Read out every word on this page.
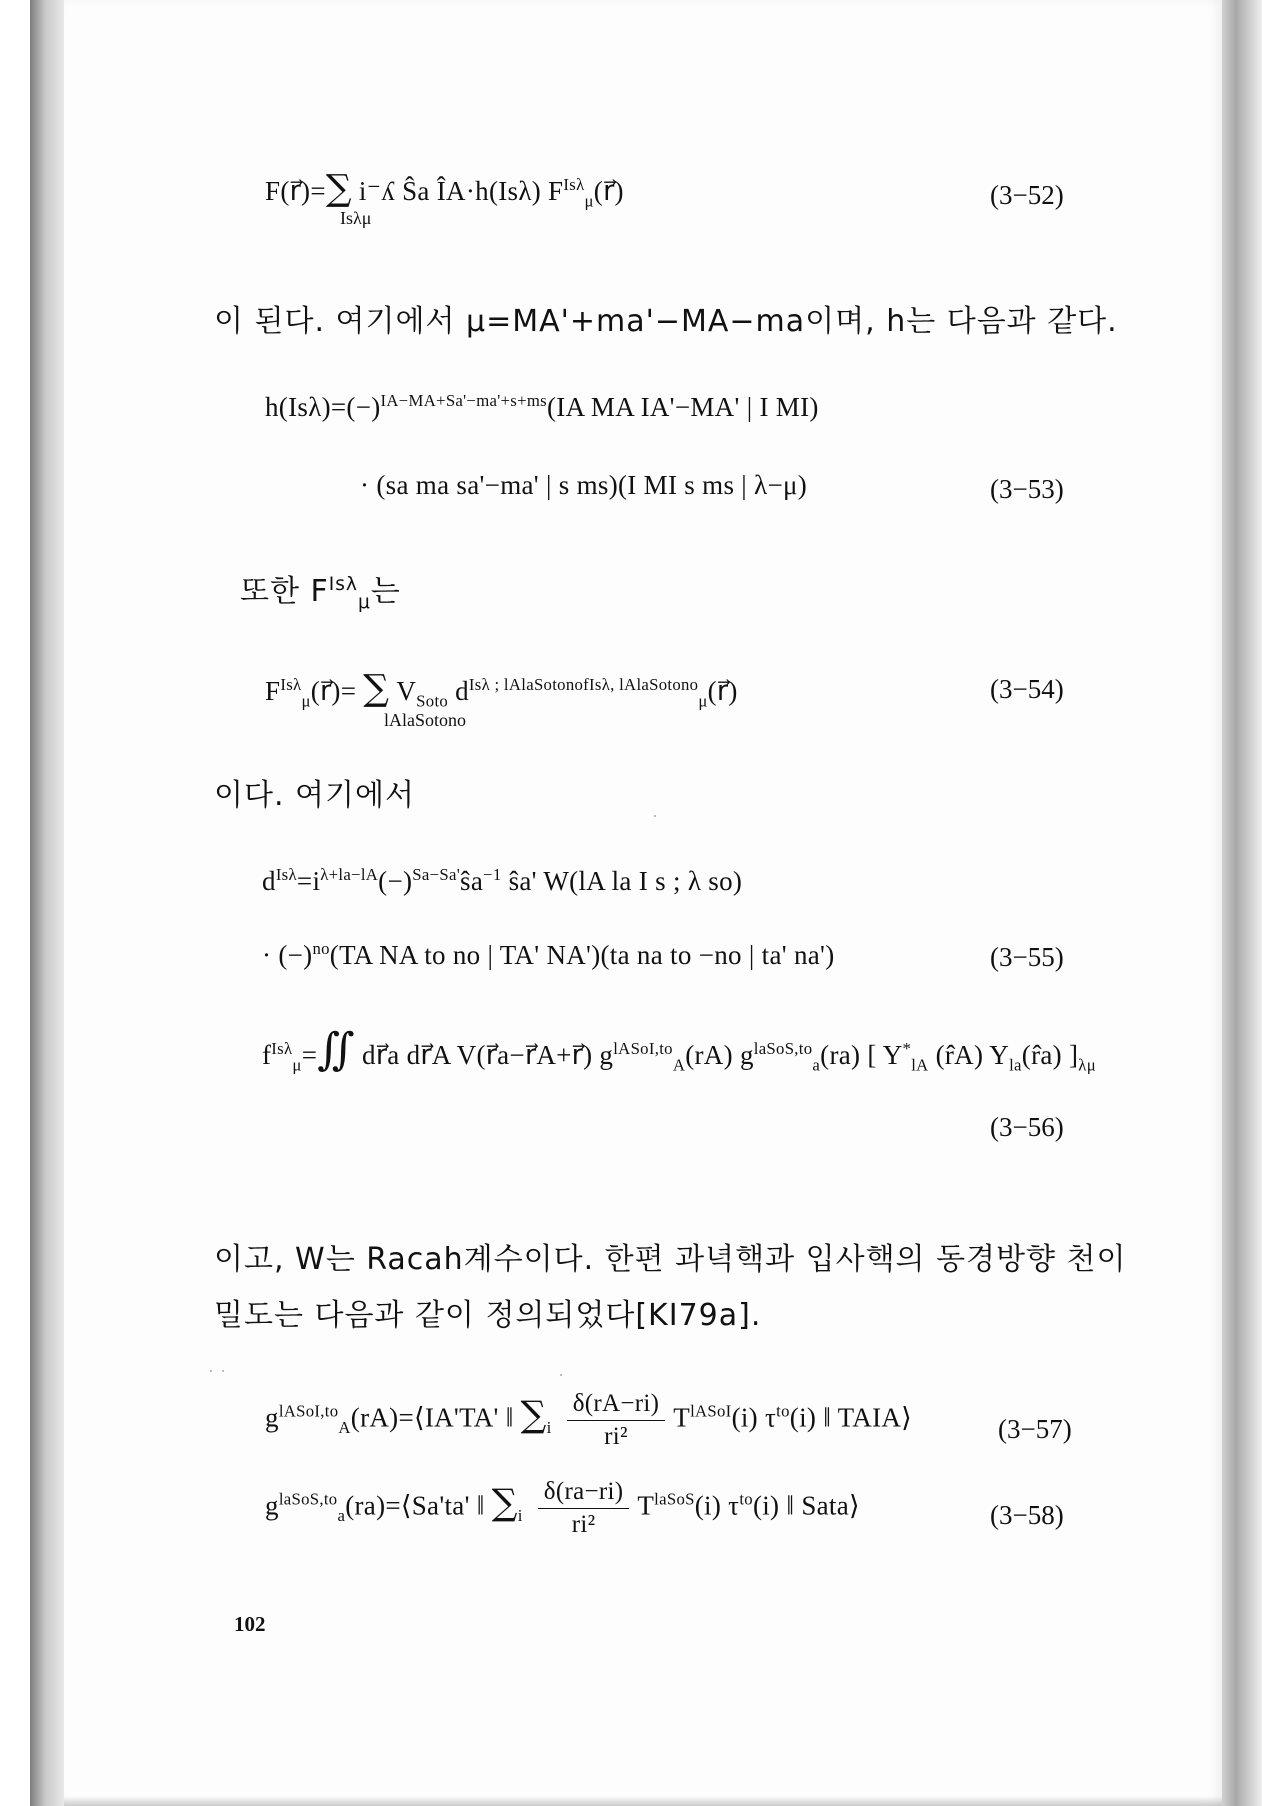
F(r⃗)=∑ i⁻ʎ Ŝa ÎA·h(Isλ) $F^{Is\lambda}_\mu(r⃗)$
Isλμ
(3−52)
이 된다. 여기에서 μ=MA'+ma'−MA−ma이며, h는 다음과 같다.
$h(Is\lambda)=(-)^{IA-MA+Sa'-ma'+s+ms}(IA$ MA IA'−MA' | I MI)
· (sa ma sa'−ma' | s ms)(I MI s ms | λ−μ)	(3−53)
또한 $F^{Is\lambda}_\mu$는
$F^{Is\lambda}_\mu(r⃗)=$ ∑ $V_{Soto}$ $d^{Is\lambda ; lAlaSotonofIs\lambda, lAlaSotono}_\mu(r⃗)$
lAlaSotono
(3−54)
이다. 여기에서
$d^{Is\lambda}=i^{\lambda+la-lA}(-)^{Sa-Sa'}ŝa^{-1}$ ŝa' W(lA la I s ; λ so)
· $(-)^{no}(TA$ NA to no | TA' NA')(ta na to −no | ta' na')	(3−55)
$f^{Is\lambda}_\mu=∬$ dr⃗a dr⃗A V(r⃗a−r⃗A+r⃗) $g^{lASoI,to}_A(rA)$ $g^{laSoS,to}_a(ra)$ [ $Y^*_{lA}$ (r̂A) $Y_{la}(r̂a)$ ]$_{\lambda\mu}$
(3−56)
이고, W는 Racah계수이다. 한편 과녁핵과 입사핵의 동경방향 천이
밀도는 다음과 같이 정의되었다[KI79a].
$g^{lASoI,to}_A(rA)=⟨IA'TA'$ ‖ $\sum_i \frac{\delta(rA-ri)}{\text{ri²}} T^{lASoI}(i)$ $\tau^{to}(i)$ ‖ TAIA⟩	(3−57)
$g^{laSoS,to}_a(ra)=⟨Sa'ta'$ ‖ $\sum_i \frac{\delta(ra-ri)}{\text{ri²}} T^{laSoS}(i)$ $\tau^{to}(i)$ ‖ Sata⟩	(3−58)
102
